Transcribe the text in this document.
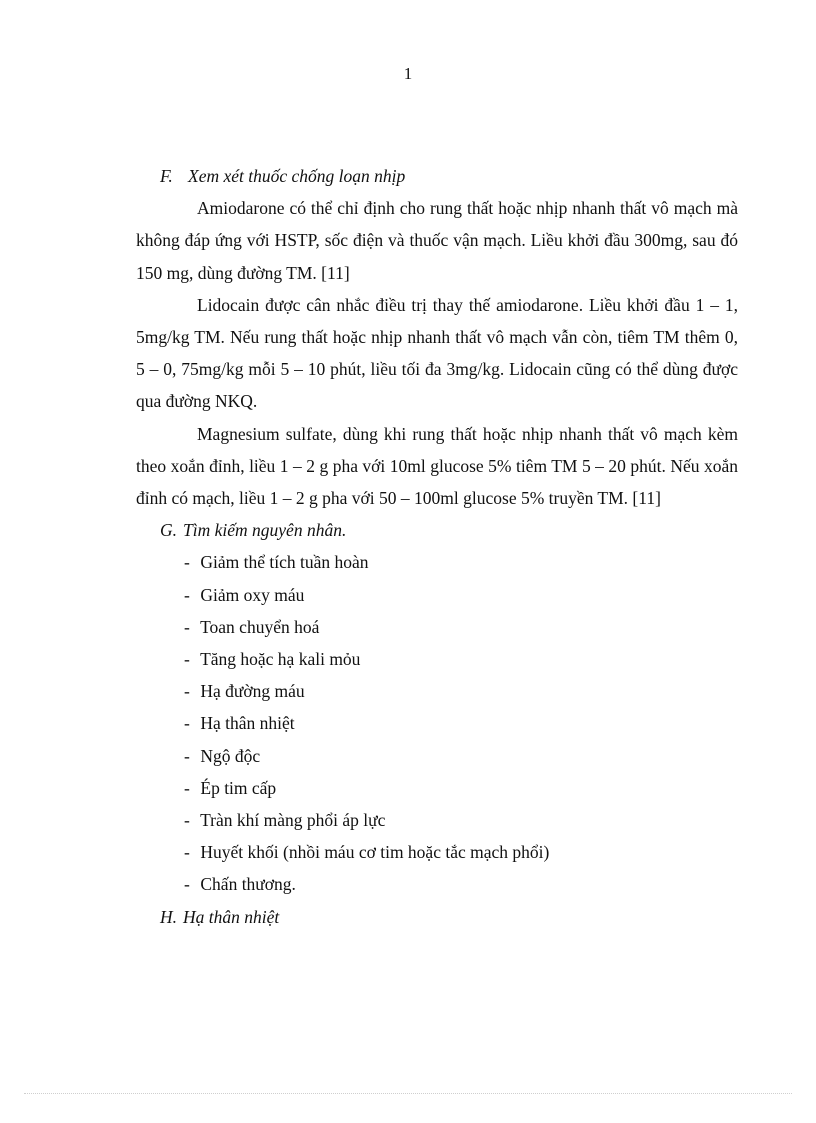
1

F. Xem xét thuốc chống loạn nhịp

Amiodarone có thể chỉ định cho rung thất hoặc nhịp nhanh thất vô mạch mà không đáp ứng với HSTP, sốc điện và thuốc vận mạch. Liều khởi đầu 300mg, sau đó 150 mg, dùng đường TM. [11]

Lidocain được cân nhắc điều trị thay thế amiodarone. Liều khởi đầu 1 – 1, 5mg/kg TM. Nếu rung thất hoặc nhịp nhanh thất vô mạch vẫn còn, tiêm TM thêm 0, 5 – 0, 75mg/kg mỗi 5 – 10 phút, liều tối đa 3mg/kg. Lidocain cũng có thể dùng được qua đường NKQ.

Magnesium sulfate, dùng khi rung thất hoặc nhịp nhanh thất vô mạch kèm theo xoắn đỉnh, liều 1 – 2 g pha với 10ml glucose 5% tiêm TM 5 – 20 phút. Nếu xoắn đỉnh có mạch, liều 1 – 2 g pha với 50 – 100ml glucose 5% truyền TM. [11]

G. Tìm kiếm nguyên nhân.

- Giảm thể tích tuần hoàn
- Giảm oxy máu
- Toan chuyển hoá
- Tăng hoặc hạ kali mỏu
- Hạ đường máu
- Hạ thân nhiệt
- Ngộ độc
- Ép tim cấp
- Tràn khí màng phổi áp lực
- Huyết khối (nhồi máu cơ tim hoặc tắc mạch phổi)
- Chấn thương.

H. Hạ thân nhiệt
